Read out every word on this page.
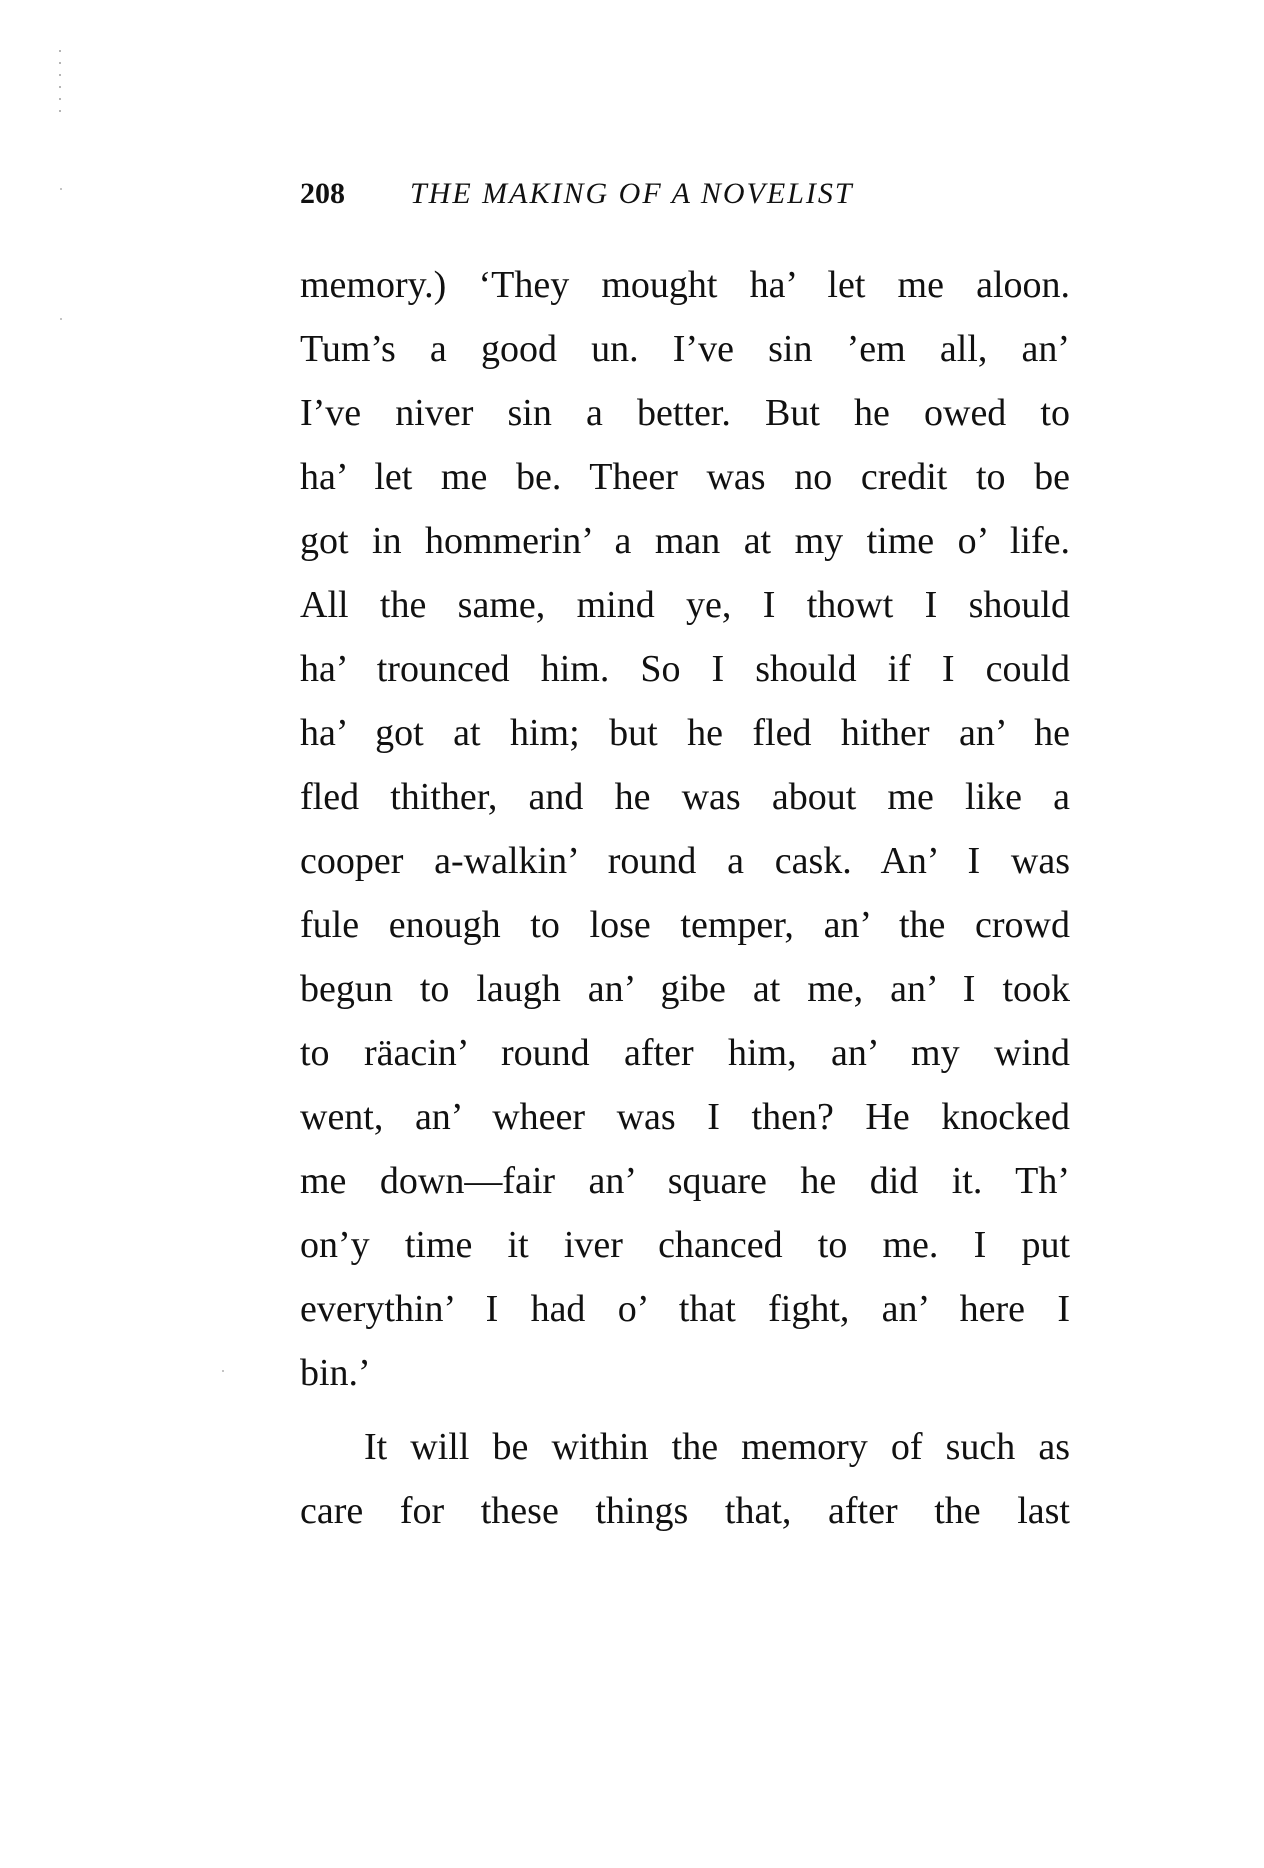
208 THE MAKING OF A NOVELIST
memory.) ‘They mought ha’ let me aloon.
Tum’s a good un. I’ve sin ’em all, an’
I’ve niver sin a better. But he owed to
ha’ let me be. Theer was no credit to be
got in hommerin’ a man at my time o’ life.
All the same, mind ye, I thowt I should
ha’ trounced him. So I should if I could
ha’ got at him; but he fled hither an’ he
fled thither, and he was about me like a
cooper a-walkin’ round a cask. An’ I was
fule enough to lose temper, an’ the crowd
begun to laugh an’ gibe at me, an’ I took
to räacin’ round after him, an’ my wind
went, an’ wheer was I then? He knocked
me down—fair an’ square he did it. Th’
on’y time it iver chanced to me. I put
everythin’ I had o’ that fight, an’ here I
bin.’
It will be within the memory of such as
care for these things that, after the last
